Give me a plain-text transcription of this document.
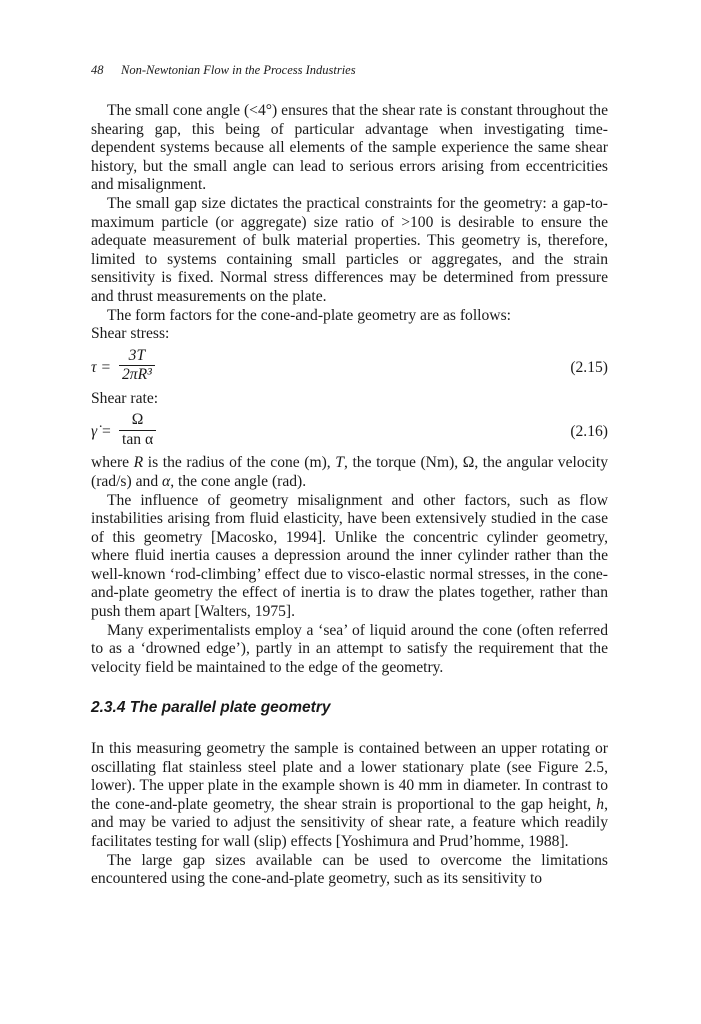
48 Non-Newtonian Flow in the Process Industries

The small cone angle (<4°) ensures that the shear rate is constant throughout the shearing gap, this being of particular advantage when investigating time-dependent systems because all elements of the sample experience the same shear history, but the small angle can lead to serious errors arising from eccentricities and misalignment.

The small gap size dictates the practical constraints for the geometry: a gap-to-maximum particle (or aggregate) size ratio of >100 is desirable to ensure the adequate measurement of bulk material properties. This geometry is, therefore, limited to systems containing small particles or aggregates, and the strain sensitivity is fixed. Normal stress differences may be determined from pressure and thrust measurements on the plate.

The form factors for the cone-and-plate geometry are as follows:

Shear stress:

$\tau = \frac{3T}{\text{2πR³}}$	(2.15)

Shear rate:

γ̇ = $\frac{\Omega}{\text{tan α}}$	(2.16)

where R is the radius of the cone (m), T, the torque (Nm), Ω, the angular velocity (rad/s) and α, the cone angle (rad).

The influence of geometry misalignment and other factors, such as flow instabilities arising from fluid elasticity, have been extensively studied in the case of this geometry [Macosko, 1994]. Unlike the concentric cylinder geometry, where fluid inertia causes a depression around the inner cylinder rather than the well-known ‘rod-climbing’ effect due to visco-elastic normal stresses, in the cone-and-plate geometry the effect of inertia is to draw the plates together, rather than push them apart [Walters, 1975].

Many experimentalists employ a ‘sea’ of liquid around the cone (often referred to as a ‘drowned edge’), partly in an attempt to satisfy the requirement that the velocity field be maintained to the edge of the geometry.

2.3.4 The parallel plate geometry

In this measuring geometry the sample is contained between an upper rotating or oscillating flat stainless steel plate and a lower stationary plate (see Figure 2.5, lower). The upper plate in the example shown is 40 mm in diameter. In contrast to the cone-and-plate geometry, the shear strain is proportional to the gap height, h, and may be varied to adjust the sensitivity of shear rate, a feature which readily facilitates testing for wall (slip) effects [Yoshimura and Prud’homme, 1988].

The large gap sizes available can be used to overcome the limitations encountered using the cone-and-plate geometry, such as its sensitivity to
